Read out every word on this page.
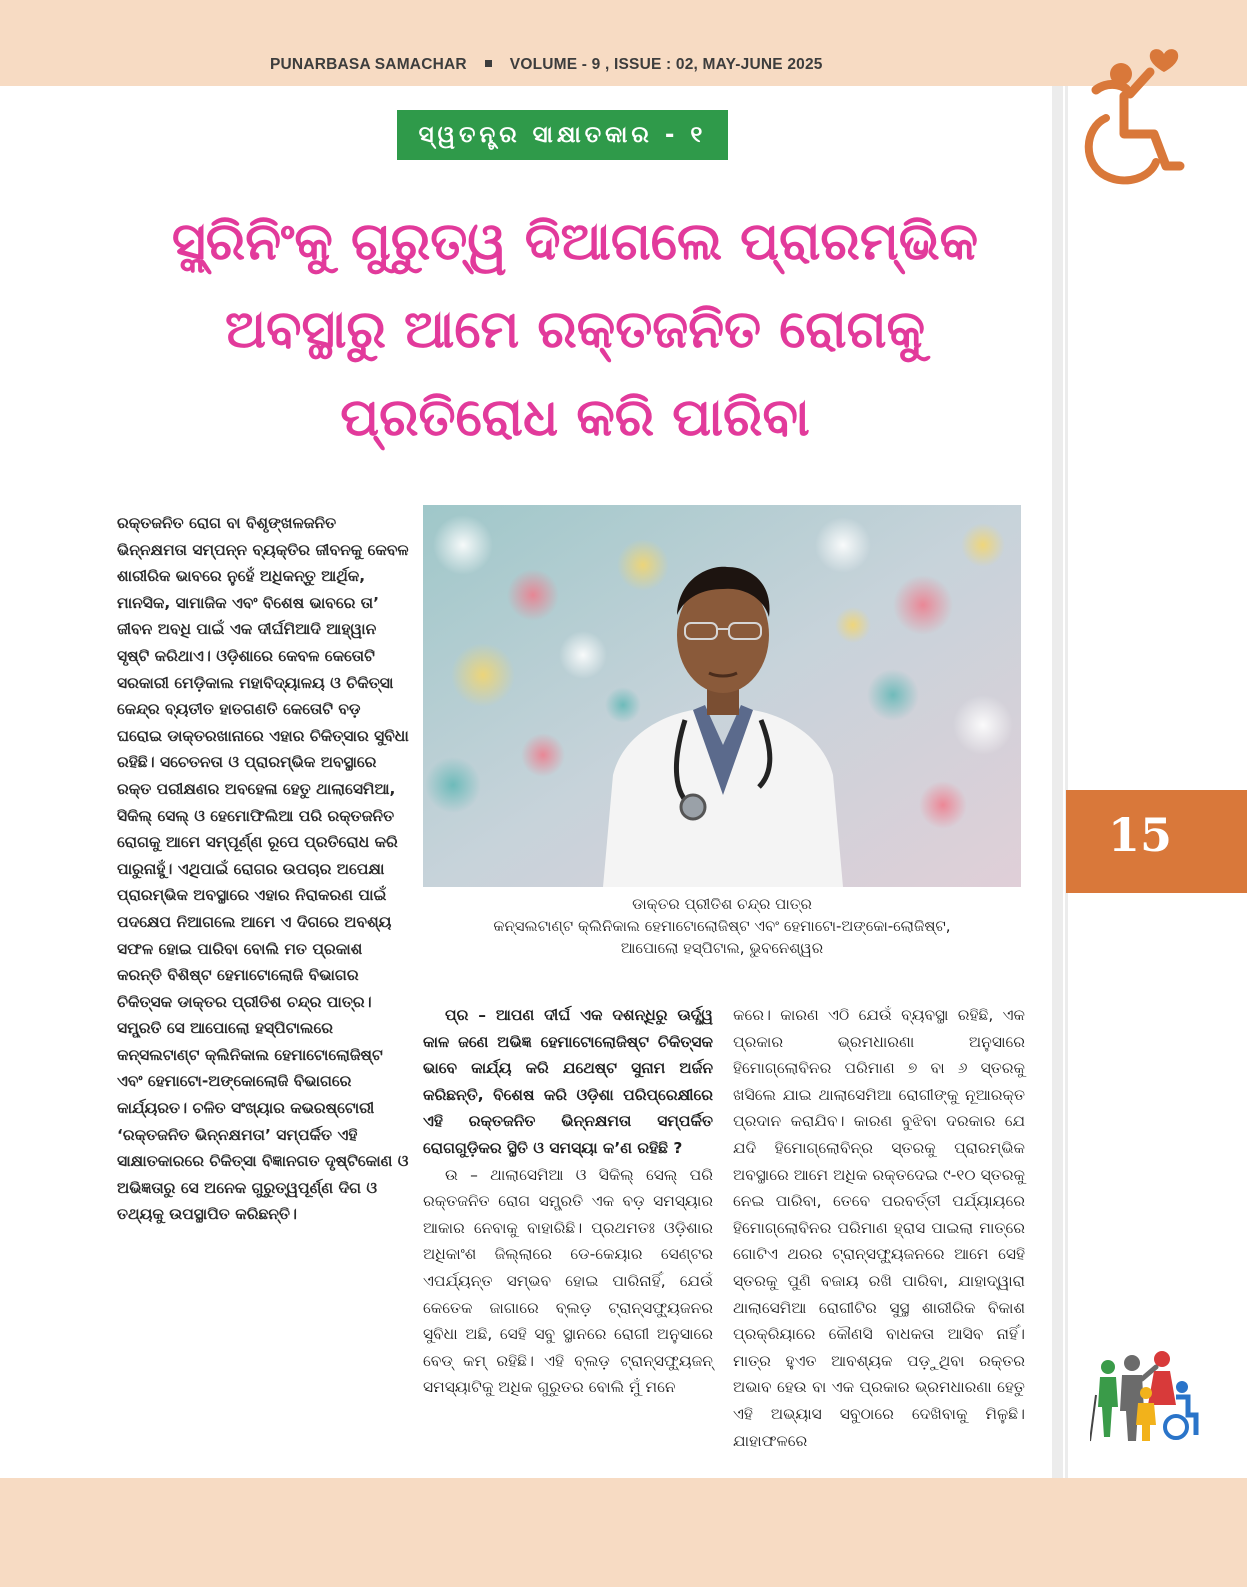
PUNARBASA SAMACHAR	VOLUME - 9 , ISSUE : 02, MAY-JUNE 2025
15
ସ୍ୱତନ୍ତ୍ର ସାକ୍ଷାତକାର - ୧
ସ୍କ୍ରିନିଂକୁ ଗୁରୁତ୍ୱ ଦିଆଗଲେ ପ୍ରାରମ୍ଭିକ ଅବସ୍ଥାରୁ ଆମେ ରକ୍ତଜନିତ ରୋଗକୁ ପ୍ରତିରୋଧ କରି ପାରିବା

ରକ୍ତଜନିତ ରୋଗ ବା ବିଶୃଙ୍ଖଳଜନିତ ଭିନ୍ନକ୍ଷମତା ସମ୍ପନ୍ନ ବ୍ୟକ୍ତିର ଜୀବନକୁ କେବଳ ଶାରୀରିକ ଭାବରେ ନୁହେଁ ଅଧିକନ୍ତୁ ଆର୍ଥିକ, ମାନସିକ, ସାମାଜିକ ଏବଂ ବିଶେଷ ଭାବରେ ତା’ ଜୀବନ ଅବଧି ପାଇଁ ଏକ ଦୀର୍ଘମିଆଦି ଆହ୍ୱାନ ସୃଷ୍ଟି କରିଥାଏ। ଓଡ଼ିଶାରେ କେବଳ କେତୋଟି ସରକାରୀ ମେଡ଼ିକାଲ ମହାବିଦ୍ୟାଳୟ ଓ ଚିକିତ୍ସା କେନ୍ଦ୍ର ବ୍ୟତୀତ ହାତଗଣତି କେତୋଟି ବଡ଼ ଘରୋଇ ଡାକ୍ତରଖାନାରେ ଏହାର ଚିକିତ୍ସାର ସୁବିଧା ରହିଛି। ସଚେତନତା ଓ ପ୍ରାରମ୍ଭିକ ଅବସ୍ଥାରେ ରକ୍ତ ପରୀକ୍ଷଣର ଅବହେଳା ହେତୁ ଥାଲାସେମିଆ, ସିକିଲ୍ ସେଲ୍ ଓ ହେମୋଫିଲିଆ ପରି ରକ୍ତଜନିତ ରୋଗକୁ ଆମେ ସମ୍ପୂର୍ଣ୍ଣ ରୂପେ ପ୍ରତିରୋଧ କରି ପାରୁନାହୁଁ। ଏଥିପାଇଁ ରୋଗର ଉପଚାର ଅପେକ୍ଷା ପ୍ରାରମ୍ଭିକ ଅବସ୍ଥାରେ ଏହାର ନିରାକରଣ ପାଇଁ ପଦକ୍ଷେପ ନିଆଗଲେ ଆମେ ଏ ଦିଗରେ ଅବଶ୍ୟ ସଫଳ ହୋଇ ପାରିବା ବୋଲି ମତ ପ୍ରକାଶ କରନ୍ତି ବିଶିଷ୍ଟ ହେମାଟୋଲୋଜି ବିଭାଗର ଚିକିତ୍ସକ ଡାକ୍ତର ପ୍ରୀତିଶ ଚନ୍ଦ୍ର ପାତ୍ର। ସମ୍ପ୍ରତି ସେ ଆପୋଲୋ ହସ୍ପିଟାଲରେ କନ୍‌ସଲଟାଣ୍ଟ କ୍ଲିନିକାଲ ହେମାଟୋଲୋଜିଷ୍ଟ ଏବଂ ହେମାଟୋ-ଅଙ୍କୋଲୋଜି ବିଭାଗରେ କାର୍ଯ୍ୟରତ। ଚଳିତ ସଂଖ୍ୟାର କଭରଷ୍ଟୋରୀ ‘ରକ୍ତଜନିତ ଭିନ୍ନକ୍ଷମତା’ ସମ୍ପର୍କିତ ଏହି ସାକ୍ଷାତକାରରେ ଚିକିତ୍ସା ବିଜ୍ଞାନଗତ ଦୃଷ୍ଟିକୋଣ ଓ ଅଭିଜ୍ଞତାରୁ ସେ ଅନେକ ଗୁରୁତ୍ୱପୂର୍ଣ୍ଣ ଦିଗ ଓ ତଥ୍ୟକୁ ଉପସ୍ଥାପିତ କରିଛନ୍ତି।

ଡାକ୍ତର ପ୍ରୀତିଶ ଚନ୍ଦ୍ର ପାତ୍ର
କନ୍‌ସଲଟାଣ୍ଟ କ୍ଲିନିକାଲ ହେମାଟୋଲୋଜିଷ୍ଟ ଏବଂ ହେମାଟୋ-ଅଙ୍କୋ-ଲୋଜିଷ୍ଟ,
ଆପୋଲୋ ହସ୍ପିଟାଲ, ଭୁବନେଶ୍ୱର

ପ୍ର – ଆପଣ ଦୀର୍ଘ ଏକ ଦଶନ୍ଧିରୁ ଊର୍ଦ୍ଧ୍ୱ କାଳ ଜଣେ ଅଭିଜ୍ଞ ହେମାଟୋଲୋଜିଷ୍ଟ ଚିକିତ୍ସକ ଭାବେ କାର୍ଯ୍ୟ କରି ଯଥେଷ୍ଟ ସୁନାମ ଅର୍ଜନ କରିଛନ୍ତି, ବିଶେଷ କରି ଓଡ଼ିଶା ପରିପ୍ରେକ୍ଷୀରେ ଏହି ରକ୍ତଜନିତ ଭିନ୍ନକ୍ଷମତା ସମ୍ପର୍କିତ ରୋଗଗୁଡ଼ିକର ସ୍ଥିତି ଓ ସମସ୍ୟା କ’ଣ ରହିଛି ?

ଉ – ଥାଲାସେମିଆ ଓ ସିକିଲ୍ ସେଲ୍ ପରି ରକ୍ତଜନିତ ରୋଗ ସମ୍ପ୍ରତି ଏକ ବଡ଼ ସମସ୍ୟାର ଆକାର ନେବାକୁ ବାହାରିଛି। ପ୍ରଥମତଃ ଓଡ଼ିଶାର ଅଧିକାଂଶ ଜିଲ୍ଲାରେ ଡେ-କେୟାର ସେଣ୍ଟର ଏପର୍ଯ୍ୟନ୍ତ ସମ୍ଭବ ହୋଇ ପାରିନାହିଁ, ଯେଉଁ କେତେକ ଜାଗାରେ ବ୍ଲଡ଼ ଟ୍ରାନ୍ସଫ୍ୟୁଜନର ସୁବିଧା ଅଛି, ସେହି ସବୁ ସ୍ଥାନରେ ରୋଗୀ ଅନୁସାରେ ବେଡ୍ କମ୍ ରହିଛି। ଏହି ବ୍ଲଡ଼ ଟ୍ରାନ୍ସଫ୍ୟୁଜନ୍ ସମସ୍ୟାଟିକୁ ଅଧିକ ଗୁରୁତର ବୋଲି ମୁଁ ମନେ

କରେ। କାରଣ ଏଠି ଯେଉଁ ବ୍ୟବସ୍ଥା ରହିଛି, ଏକ ପ୍ରକାର ଭ୍ରମଧାରଣା ଅନୁସାରେ ହିମୋଗ୍ଲୋବିନର ପରିମାଣ ୭ ବା ୬ ସ୍ତରକୁ ଖସିଲେ ଯାଇ ଥାଲାସେମିଆ ରୋଗୀଙ୍କୁ ନୂଆରକ୍ତ ପ୍ରଦାନ କରାଯିବ। କାରଣ ବୁଝିବା ଦରକାର ଯେ ଯଦି ହିମୋଗ୍ଲୋବିନ୍‌ର ସ୍ତରକୁ ପ୍ରାରମ୍ଭିକ ଅବସ୍ଥାରେ ଆମେ ଅଧିକ ରକ୍ତଦେଇ ୯-୧୦ ସ୍ତରକୁ ନେଇ ପାରିବା, ତେବେ ପରବର୍ତ୍ତୀ ପର୍ଯ୍ୟାୟରେ ହିମୋଗ୍ଲୋବିନର ପରିମାଣ ହ୍ରାସ ପାଇଲା ମାତ୍ରେ ଗୋଟିଏ ଥରର ଟ୍ରାନ୍ସଫ୍ୟୁଜନରେ ଆମେ ସେହି ସ୍ତରକୁ ପୁଣି ବଜାୟ ରଖି ପାରିବା, ଯାହାଦ୍ୱାରା ଥାଲାସେମିଆ ରୋଗୀଟିର ସୁସ୍ଥ ଶାରୀରିକ ବିକାଶ ପ୍ରକ୍ରିୟାରେ କୌଣସି ବାଧକତା ଆସିବ ନାହିଁ। ମାତ୍ର ହୁଏତ ଆବଶ୍ୟକ ପଡ଼ୁଥିବା ରକ୍ତର ଅଭାବ ହେଉ ବା ଏକ ପ୍ରକାର ଭ୍ରମଧାରଣା ହେତୁ ଏହି ଅଭ୍ୟାସ ସବୁଠାରେ ଦେଖିବାକୁ ମିଳୁଛି। ଯାହାଫଳରେ
